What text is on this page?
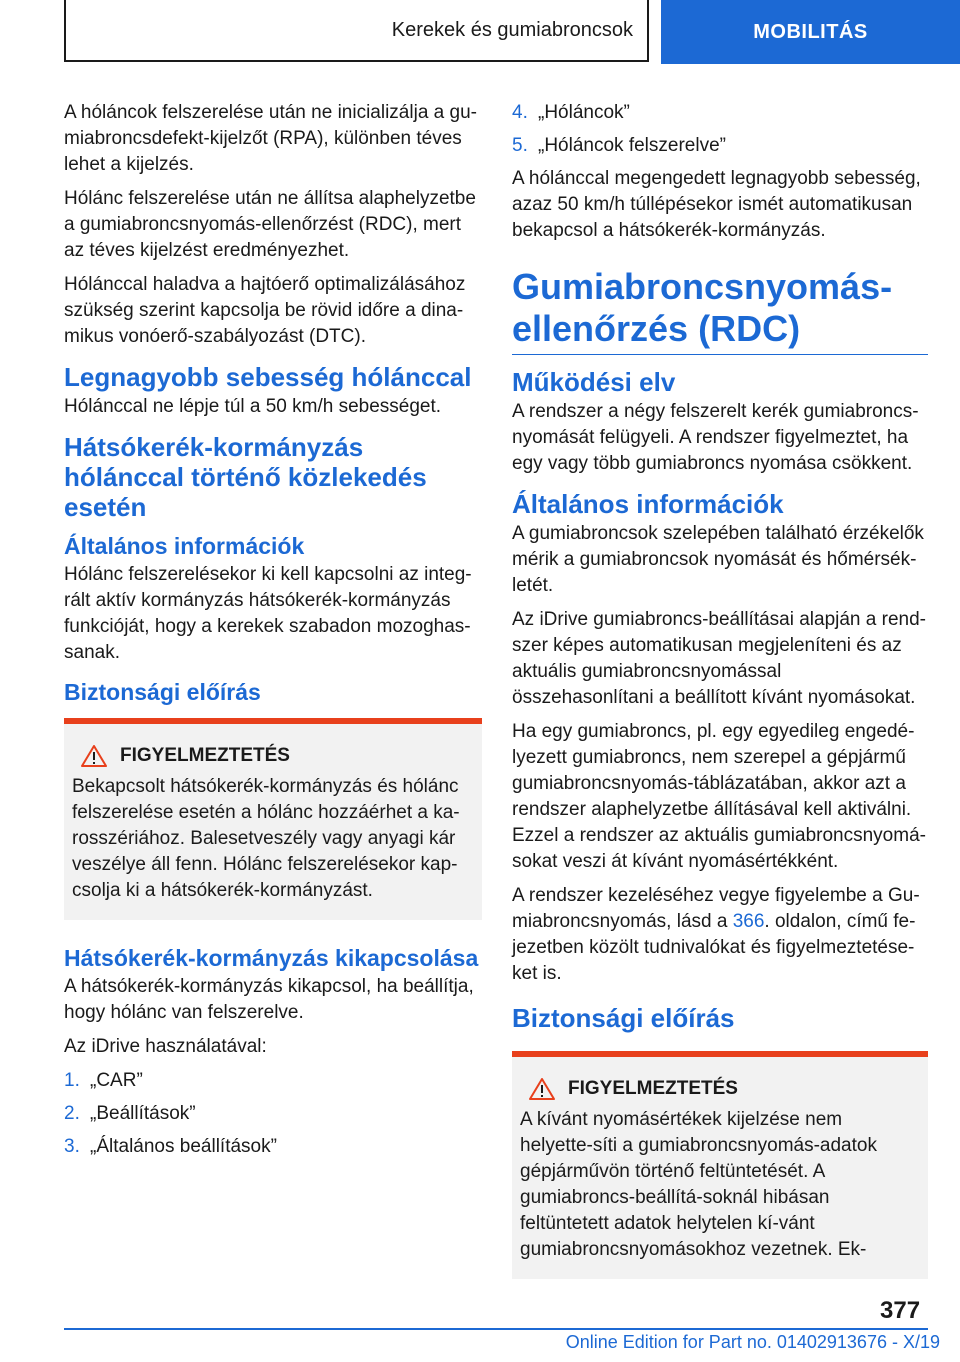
Kerekek és gumiabroncsok	MOBILITÁS

A hóláncok felszerelése után ne inicializálja a gu-miabroncsdefekt-kijelzőt (RPA), különben téves lehet a kijelzés.

Hólánc felszerelése után ne állítsa alaphelyzetbe a gumiabroncsnyomás-ellenőrzést (RDC), mert az téves kijelzést eredményezhet.

Hólánccal haladva a hajtóerő optimalizálásához szükség szerint kapcsolja be rövid időre a dina-mikus vonóerő-szabályozást (DTC).

Legnagyobb sebesség hólánccal

Hólánccal ne lépje túl a 50 km/h sebességet.

Hátsókerék-kormányzás hólánccal történő közlekedés esetén
Általános információk

Hólánc felszerelésekor ki kell kapcsolni az integ-rált aktív kormányzás hátsókerék-kormányzás funkcióját, hogy a kerekek szabadon mozoghas-sanak.

Biztonsági előírás
FIGYELMEZTETÉS

Bekapcsolt hátsókerék-kormányzás és hólánc felszerelése esetén a hólánc hozzáérhet a ka-rosszériához. Balesetveszély vagy anyagi kár veszélye áll fenn. Hólánc felszerelésekor kap-csolja ki a hátsókerék-kormányzást.

Hátsókerék-kormányzás kikapcsolása

A hátsókerék-kormányzás kikapcsol, ha beállítja, hogy hólánc van felszerelve.

Az iDrive használatával:

1. „CAR”
2. „Beállítások”
3. „Általános beállítások”
4. „Hóláncok”
5. „Hóláncok felszerelve”

A hólánccal megengedett legnagyobb sebesség, azaz 50 km/h túllépésekor ismét automatikusan bekapcsol a hátsókerék-kormányzás.

Gumiabroncsnyomás-ellenőrzés (RDC)
Működési elv

A rendszer a négy felszerelt kerék gumiabroncs-nyomását felügyeli. A rendszer figyelmeztet, ha egy vagy több gumiabroncs nyomása csökkent.

Általános információk

A gumiabroncsok szelepében található érzékelők mérik a gumiabroncsok nyomását és hőmérsék-letét.

Az iDrive gumiabroncs-beállításai alapján a rend-szer képes automatikusan megjeleníteni és az aktuális gumiabroncsnyomással összehasonlítani a beállított kívánt nyomásokat.

Ha egy gumiabroncs, pl. egy egyedileg engedé-lyezett gumiabroncs, nem szerepel a gépjármű gumiabroncsnyomás-táblázatában, akkor azt a rendszer alaphelyzetbe állításával kell aktiválni. Ezzel a rendszer az aktuális gumiabroncsnyomá-sokat veszi át kívánt nyomásértékként.

A rendszer kezeléséhez vegye figyelembe a Gu-miabroncsnyomás, lásd a 366. oldalon, című fe-jezetben közölt tudnivalókat és figyelmeztetése-ket is.

Biztonsági előírás
FIGYELMEZTETÉS

A kívánt nyomásértékek kijelzése nem helyette-síti a gumiabroncsnyomás-adatok gépjárművön történő feltüntetését. A gumiabroncs-beállítá-soknál hibásan feltüntetett adatok helytelen kí-vánt gumiabroncsnyomásokhoz vezetnek. Ek-

377
Online Edition for Part no. 01402913676 - X/19
